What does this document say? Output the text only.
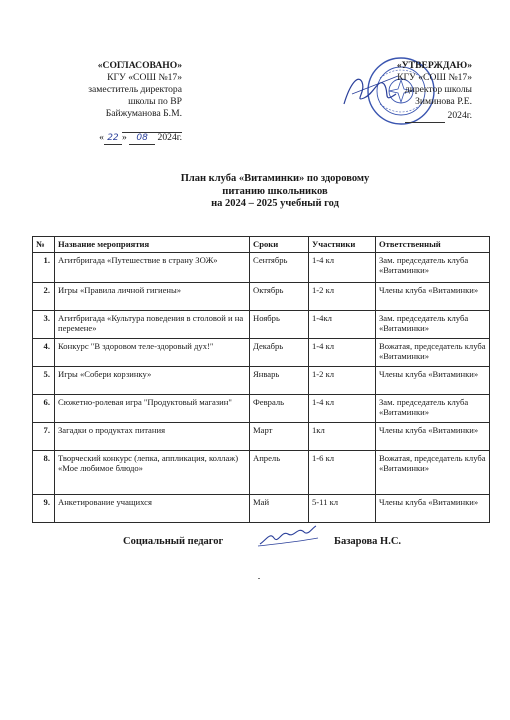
«СОГЛАСОВАНО»
КГУ «СОШ №17»
заместитель директора
школы по ВР
Байжуманова Б.М.

« 22 » 08 2024г.
«УТВЕРЖДАЮ»
КГУ «СОШ №17»
директор школы
Зиминова Р.Е.
2024г.
План клуба «Витаминки» по здоровому
питанию школьников
на 2024 – 2025 учебный год
№	Название мероприятия	Сроки	Участники	Ответственный
1.	Агитбригада «Путешествие в страну ЗОЖ»	Сентябрь	1-4 кл	Зам. председатель клуба «Витаминки»
2.	Игры «Правила личной гигиены»	Октябрь	1-2 кл	Члены клуба «Витаминки»
3.	Агитбригада «Культура поведения в столовой и на перемене»	Ноябрь	1-4кл	Зам. председатель клуба «Витаминки»
4.	Конкурс "В здоровом теле-здоровый дух!"	Декабрь	1-4 кл	Вожатая, председатель клуба «Витаминки»
5.	Игры «Собери корзинку»	Январь	1-2 кл	Члены клуба «Витаминки»
6.	Сюжетно-ролевая игра "Продуктовый магазин"	Февраль	1-4 кл	Зам. председатель клуба «Витаминки»
7.	Загадки о продуктах питания	Март	1кл	Члены клуба «Витаминки»
8.	Творческий конкурс (лепка, аппликация, коллаж) «Мое любимое блюдо»	Апрель	1-6 кл	Вожатая, председатель клуба «Витаминки»
9.	Анкетирование учащихся	Май	5-11 кл	Члены клуба «Витаминки»
Социальный педагог	Базарова Н.С.
